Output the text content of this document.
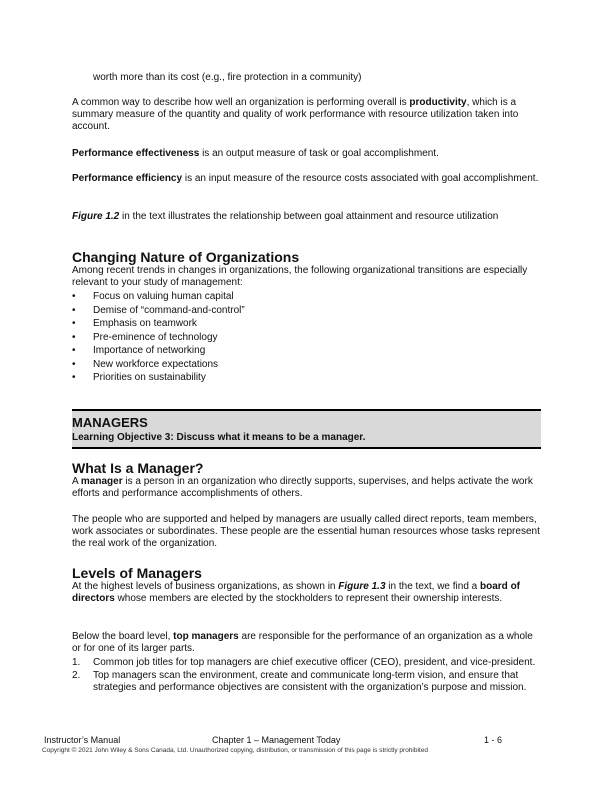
worth more than its cost (e.g., fire protection in a community)

A common way to describe how well an organization is performing overall is productivity, which is a summary measure of the quantity and quality of work performance with resource utilization taken into account.

Performance effectiveness is an output measure of task or goal accomplishment.

Performance efficiency is an input measure of the resource costs associated with goal accomplishment.

Figure 1.2 in the text illustrates the relationship between goal attainment and resource utilization

Changing Nature of Organizations

Among recent trends in changes in organizations, the following organizational transitions are especially relevant to your study of management:

• Focus on valuing human capital
• Demise of “command-and-control”
• Emphasis on teamwork
• Pre-eminence of technology
• Importance of networking
• New workforce expectations
• Priorities on sustainability
MANAGERS
Learning Objective 3: Discuss what it means to be a manager.
What Is a Manager?

A manager is a person in an organization who directly supports, supervises, and helps activate the work efforts and performance accomplishments of others.

The people who are supported and helped by managers are usually called direct reports, team members, work associates or subordinates. These people are the essential human resources whose tasks represent the real work of the organization.

Levels of Managers

At the highest levels of business organizations, as shown in Figure 1.3 in the text, we find a board of directors whose members are elected by the stockholders to represent their ownership interests.

Below the board level, top managers are responsible for the performance of an organization as a whole or for one of its larger parts.

1. Common job titles for top managers are chief executive officer (CEO), president, and vice-president.
2. Top managers scan the environment, create and communicate long-term vision, and ensure that strategies and performance objectives are consistent with the organization’s purpose and mission.
Instructor’s Manual	Chapter 1 – Management Today	1 - 6
Copyright © 2021 John Wiley & Sons Canada, Ltd. Unauthorized copying, distribution, or transmission of this page is strictly prohibited
